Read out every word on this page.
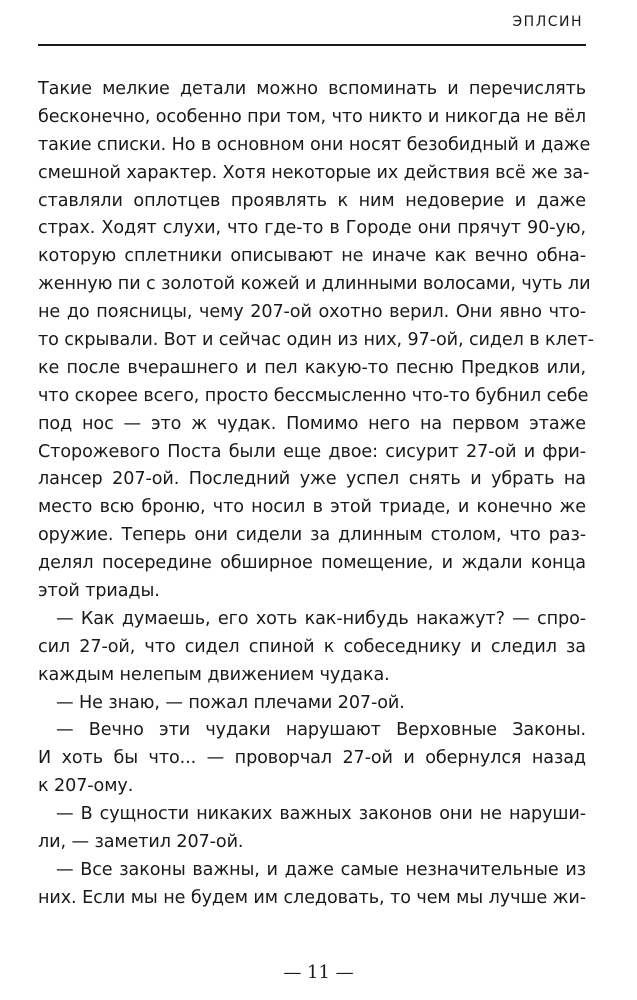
ЭПЛСИН
Такие мелкие детали можно вспоминать и перечислять
бесконечно, особенно при том, что никто и никогда не вёл
такие списки. Но в основном они носят безобидный и даже
смешной характер. Хотя некоторые их действия всё же за-
ставляли оплотцев проявлять к ним недоверие и даже
страх. Ходят слухи, что где-то в Городе они прячут 90-ую,
которую сплетники описывают не иначе как вечно обна-
женную пи с золотой кожей и длинными волосами, чуть ли
не до поясницы, чему 207-ой охотно верил. Они явно что-
то скрывали. Вот и сейчас один из них, 97-ой, сидел в клет-
ке после вчерашнего и пел какую-то песню Предков или,
что скорее всего, просто бессмысленно что-то бубнил себе
под нос — это ж чудак. Помимо него на первом этаже
Сторожевого Поста были еще двое: сисурит 27-ой и фри-
лансер 207-ой. Последний уже успел снять и убрать на
место всю броню, что носил в этой триаде, и конечно же
оружие. Теперь они сидели за длинным столом, что раз-
делял посередине обширное помещение, и ждали конца
этой триады.
— Как думаешь, его хоть как-нибудь накажут? — спро-
сил 27-ой, что сидел спиной к собеседнику и следил за
каждым нелепым движением чудака.
— Не знаю, — пожал плечами 207-ой.
— Вечно эти чудаки нарушают Верховные Законы.
И хоть бы что... — проворчал 27-ой и обернулся назад
к 207-ому.
— В сущности никаких важных законов они не наруши-
ли, — заметил 207-ой.
— Все законы важны, и даже самые незначительные из
них. Если мы не будем им следовать, то чем мы лучше жи-
— 11 —
